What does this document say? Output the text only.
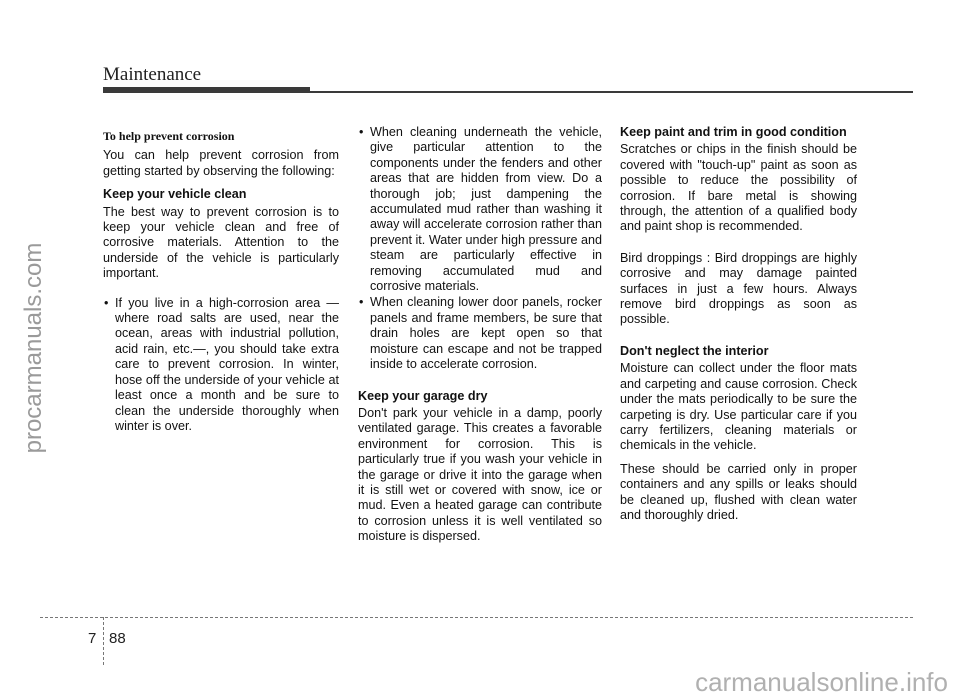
Maintenance
procarmanuals.com
To help prevent corrosion

You can help prevent corrosion from getting started by observing the following:

Keep your vehicle clean

The best way to prevent corrosion is to keep your vehicle clean and free of corrosive materials. Attention to the underside of the vehicle is particularly important.

• If you live in a high-corrosion area — where road salts are used, near the ocean, areas with industrial pollution, acid rain, etc.—, you should take extra care to prevent corrosion. In winter, hose off the underside of your vehicle at least once a month and be sure to clean the underside thoroughly when winter is over.
• When cleaning underneath the vehicle, give particular attention to the components under the fenders and other areas that are hidden from view. Do a thorough job; just dampening the accumulated mud rather than washing it away will accelerate corrosion rather than prevent it. Water under high pressure and steam are particularly effective in removing accumulated mud and corrosive materials.
• When cleaning lower door panels, rocker panels and frame members, be sure that drain holes are kept open so that moisture can escape and not be trapped inside to accelerate corrosion.
Keep your garage dry

Don't park your vehicle in a damp, poorly ventilated garage. This creates a favorable environment for corrosion. This is particularly true if you wash your vehicle in the garage or drive it into the garage when it is still wet or covered with snow, ice or mud. Even a heated garage can contribute to corrosion unless it is well ventilated so moisture is dispersed.

Keep paint and trim in good condition

Scratches or chips in the finish should be covered with "touch-up" paint as soon as possible to reduce the possibility of corrosion. If bare metal is showing through, the attention of a qualified body and paint shop is recommended.

Bird droppings : Bird droppings are highly corrosive and may damage painted surfaces in just a few hours. Always remove bird droppings as soon as possible.

Don't neglect the interior

Moisture can collect under the floor mats and carpeting and cause corrosion. Check under the mats periodically to be sure the carpeting is dry. Use particular care if you carry fertilizers, cleaning materials or chemicals in the vehicle.

These should be carried only in proper containers and any spills or leaks should be cleaned up, flushed with clean water and thoroughly dried.

7 88
carmanualsonline.info
